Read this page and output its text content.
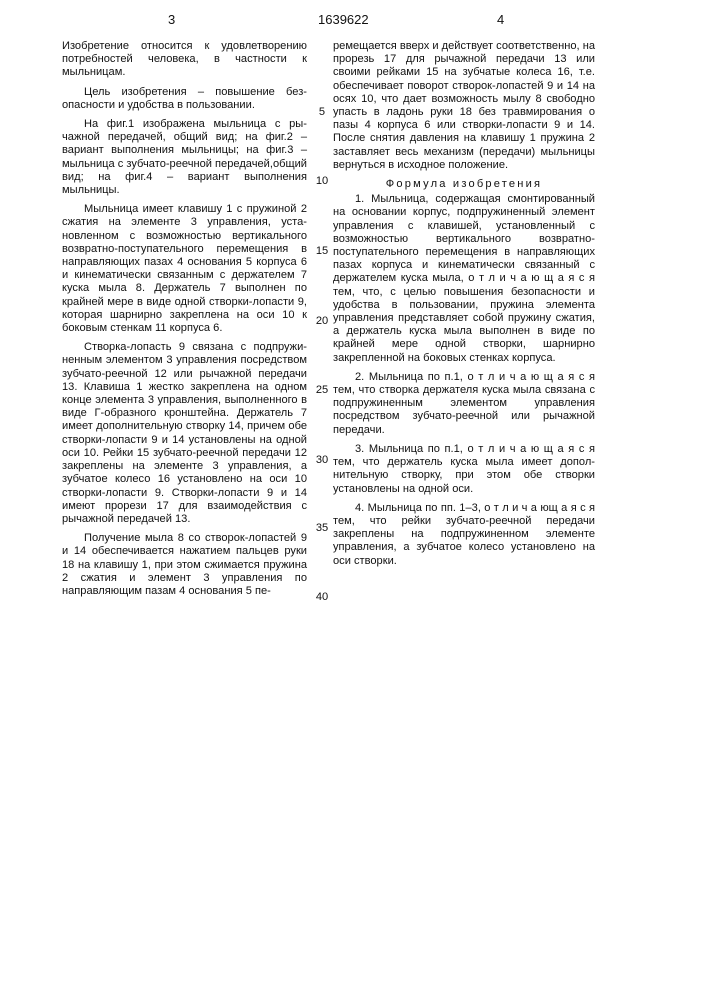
3	1639622	4

Изобретение относится к удовлетворе­нию потребностей человека, в частности к мыльницам.

Цель изобретения – повышение без­опасности и удобства в пользовании.

На фиг.1 изображена мыльница с ры­чажной передачей, общий вид; на фиг.2 – вариант выполнения мыльницы; на фиг.3 – мыльница с зубчато-реечной передачей,об­щий вид; на фиг.4 – вариант выполнения мыльницы.

Мыльница имеет клавишу 1 с пружиной 2 сжатия на элементе 3 управления, уста­новленном с возможностью вертикального возвратно-поступательного перемещения в направляющих пазах 4 основания 5 корпуса 6 и кинематически связанным с держателем 7 куска мыла 8. Держатель 7 выполнен по крайней мере в виде одной створки-лопасти 9, которая шарнирно закреплена на оси 10 к боковым стенкам 11 корпуса 6.

Створка-лопасть 9 связана с подпружи­ненным элементом 3 управления посредст­вом зубчато-реечной 12 или рычажной передачи 13. Клавиша 1 жестко закреплена на одном конце элемента 3 управления, вы­полненного в виде Г-образного кронштей­на. Держатель 7 имеет дополнительную створку 14, причем обе створки-лопасти 9 и 14 установлены на одной оси 10. Рейки 15 зубчато-реечной передачи 12 закреплены на элементе 3 управления, а зубчатое коле­со 16 установлено на оси 10 створки-лопа­сти 9. Створки-лопасти 9 и 14 имеют прорези 17 для взаимодействия с рычажной передачей 13.

Получение мыла 8 со створок-лопастей 9 и 14 обеспечивается нажатием пальцев руки 18 на клавишу 1, при этом сжимается пружина 2 сжатия и элемент 3 управления по направляющим пазам 4 основания 5 пе-

5
10
15
20
25
30
35
40

ремещается вверх и действует соответст­венно, на прорезь 17 для рычажной переда­чи 13 или своими рейками 15 на зубчатые колеса 16, т.е. обеспечивает поворот створ­ок-лопастей 9 и 14 на осях 10, что дает возможность мылу 8 свободно упасть в ла­донь руки 18 без травмирования о пазы 4 корпуса 6 или створки-лопасти 9 и 14. После снятия давления на клавишу 1 пружина 2 заставляет весь механизм (передачи) мыль­ницы вернуться в исходное положение.

Формула изобретения

1. Мыльница, содержащая смонтиро­ванный на основании корпус, подпружинен­ный элемент управления с клавишей, уста­новленный с возможностью вертикального возвратно-поступательного перемещения в на­правляющих пазах корпуса и кинематически связанный с держателем куска мыла, о т л и ч а ю щ а я с я тем, что, с целью повышения безопасности и удобства в пользовании, пружина элемента управления представля­ет собой пружину сжатия, а держатель ку­ска мыла выполнен в виде по крайней мере одной створки, шарнирно закрепленной на боковых стенках корпуса.

2. Мыльница по п.1, о т л и ч а ю щ а я с я тем, что створка держателя куска мыла свя­зана с подпружиненным элементом управ­ления посредством зубчато-реечной или рычажной передачи.

3. Мыльница по п.1, о т л и ч а ю щ а я с я тем, что держатель куска мыла имеет допол­нительную створку, при этом обе створки установлены на одной оси.

4. Мыльница по пп. 1–3, о т л и ч а ю­щ а я с я тем, что рейки зубчато-реечной передачи закреплены на подпружиненном элементе управления, а зубчатое колесо ус­тановлено на оси створки.
